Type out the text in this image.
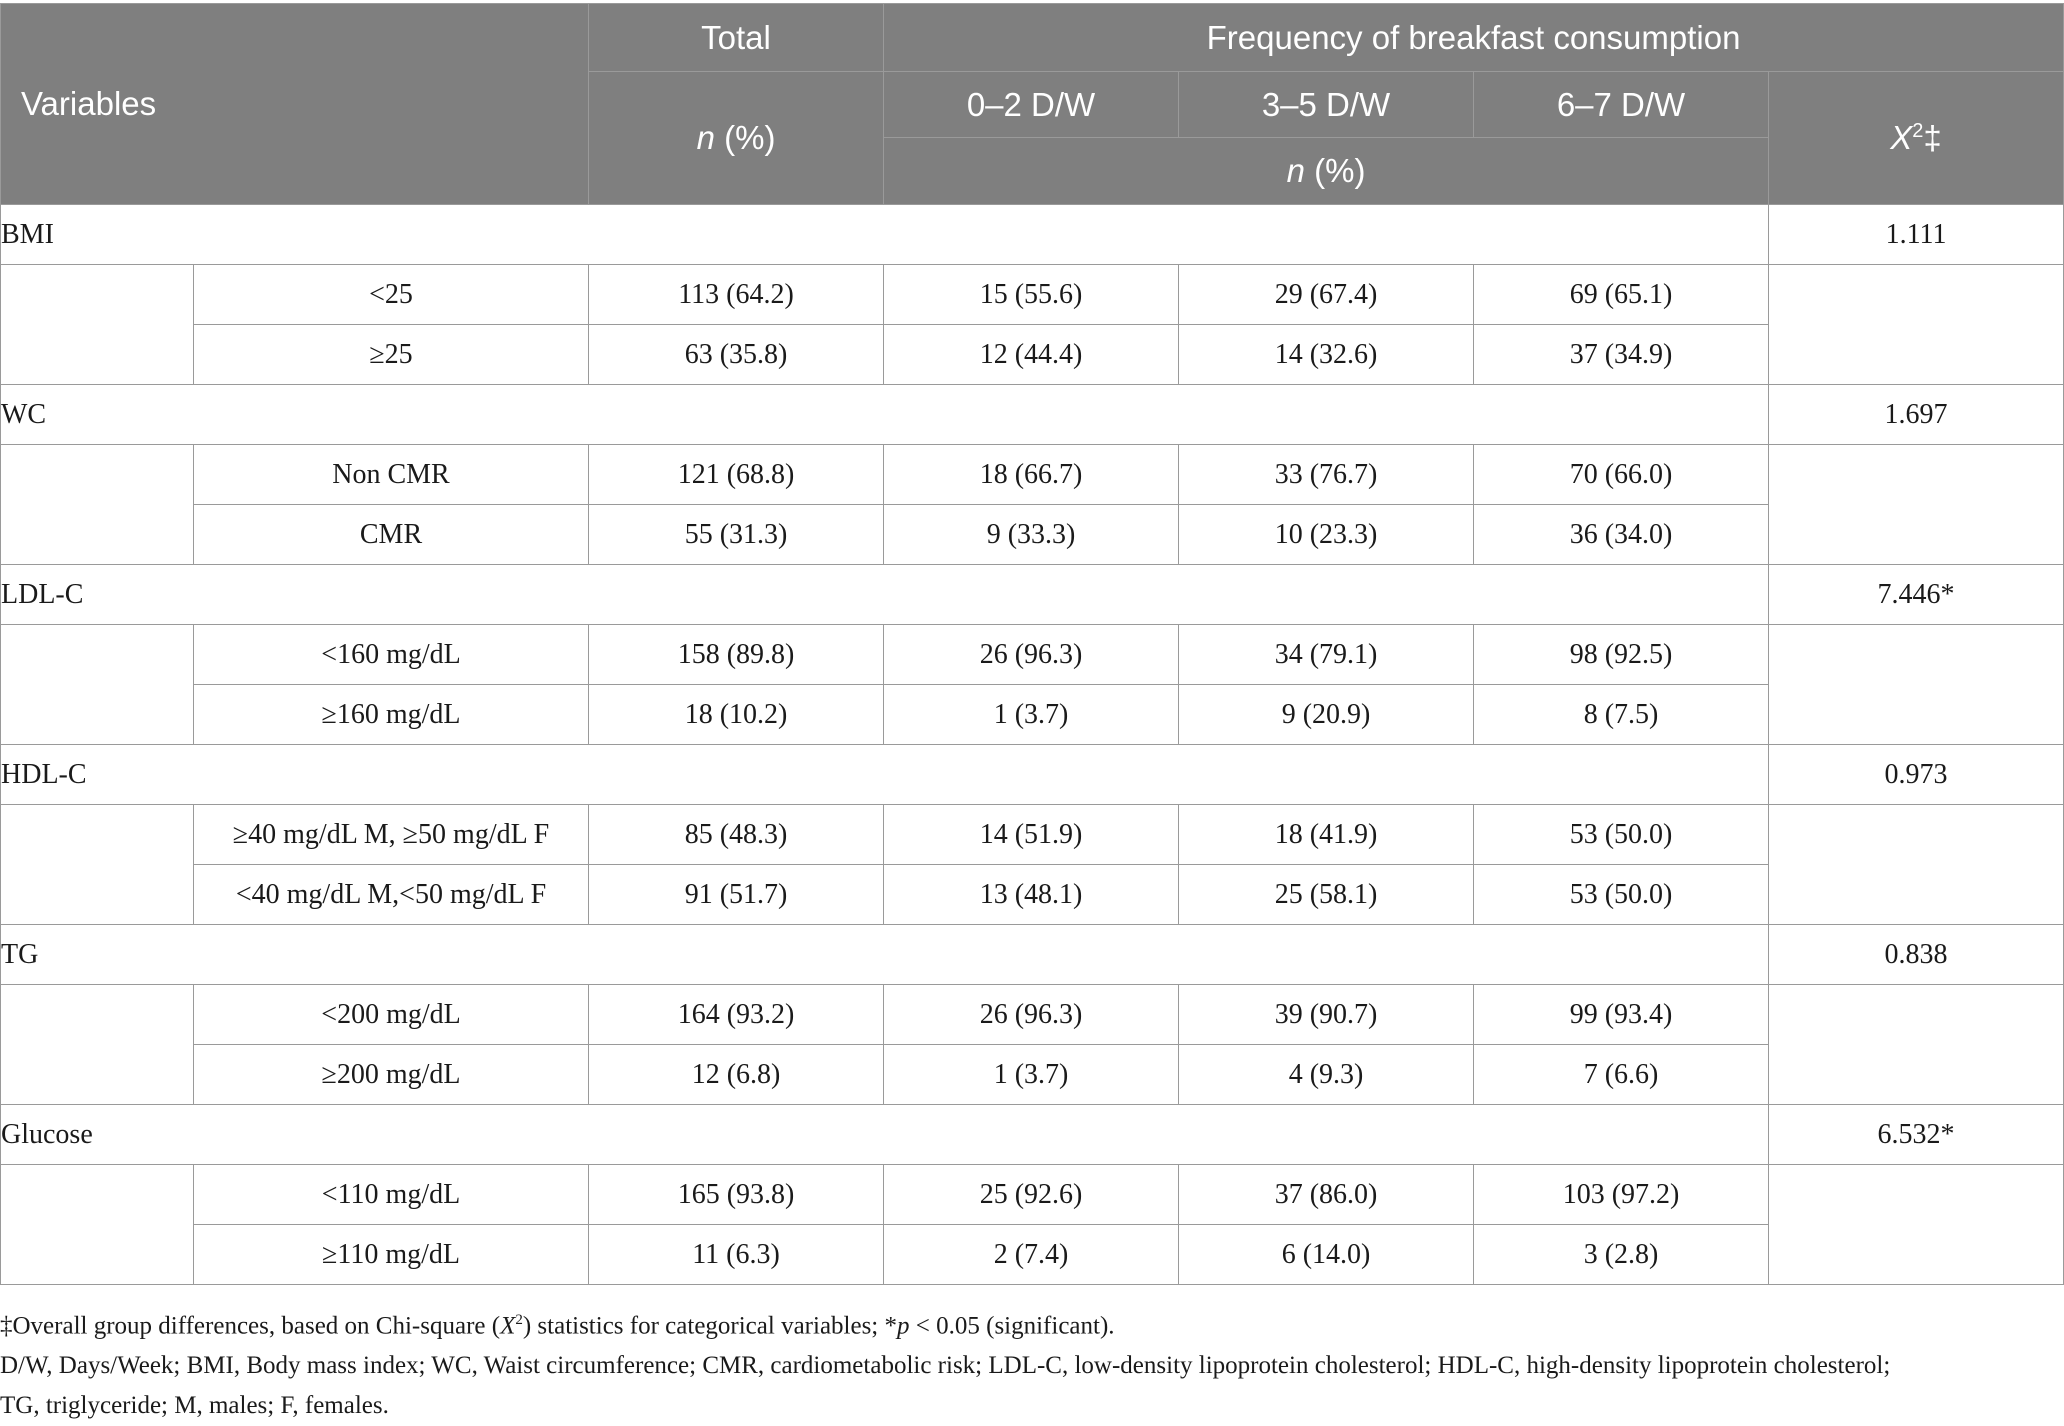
Variables		Total	Frequency of breakfast consumption			
		n (%)	0–2 D/W	3–5 D/W	6–7 D/W	$X^2\ddagger$
			n (%)			
BMI						1.111

	<25	113 (64.2)	15 (55.6)	29 (67.4)	69 (65.1)	
	≥25	63 (35.8)	12 (44.4)	14 (32.6)	37 (34.9)	
WC						1.697

	Non CMR	121 (68.8)	18 (66.7)	33 (76.7)	70 (66.0)	
	CMR	55 (31.3)	9 (33.3)	10 (23.3)	36 (34.0)	
LDL-C						7.446*

	<160 mg/dL	158 (89.8)	26 (96.3)	34 (79.1)	98 (92.5)	
	≥160 mg/dL	18 (10.2)	1 (3.7)	9 (20.9)	8 (7.5)	
HDL-C						0.973

	≥40 mg/dL M, ≥50 mg/dL F	85 (48.3)	14 (51.9)	18 (41.9)	53 (50.0)	
	<40 mg/dL M,<50 mg/dL F	91 (51.7)	13 (48.1)	25 (58.1)	53 (50.0)	
TG						0.838

	<200 mg/dL	164 (93.2)	26 (96.3)	39 (90.7)	99 (93.4)	
	≥200 mg/dL	12 (6.8)	1 (3.7)	4 (9.3)	7 (6.6)	
Glucose						6.532*

	<110 mg/dL	165 (93.8)	25 (92.6)	37 (86.0)	103 (97.2)	
	≥110 mg/dL	11 (6.3)	2 (7.4)	6 (14.0)	3 (2.8)	

‡Overall group differences, based on Chi-square $(X^2)$ statistics for categorical variables; *p < 0.05 (significant).

D/W, Days/Week; BMI, Body mass index; WC, Waist circumference; CMR, cardiometabolic risk; LDL-C, low-density lipoprotein cholesterol; HDL-C, high-density lipoprotein cholesterol;

TG, triglyceride; M, males; F, females.
